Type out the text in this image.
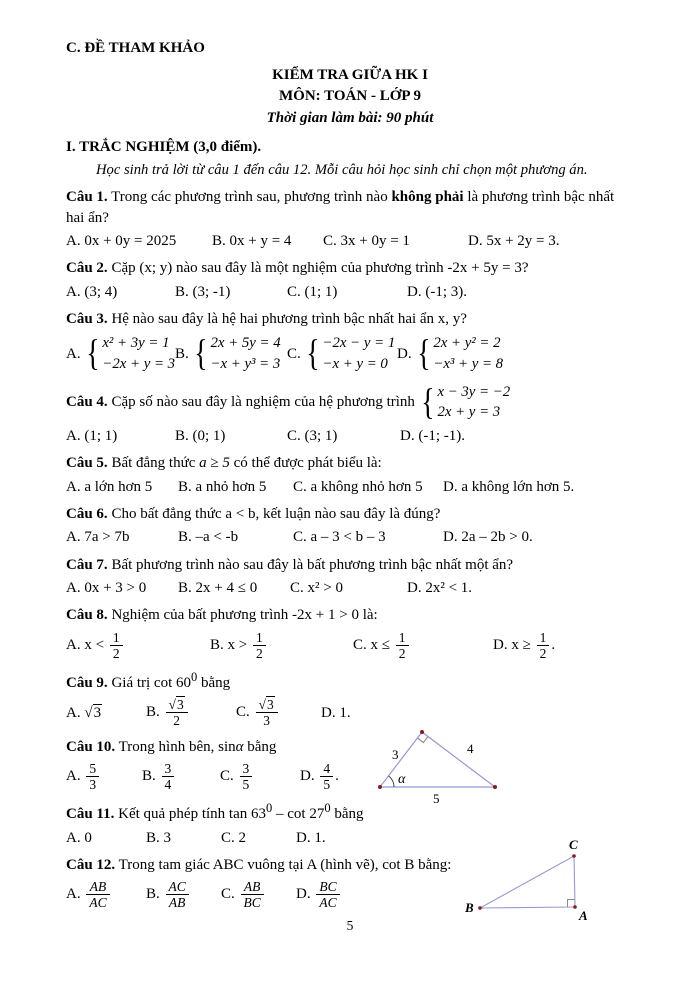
C. ĐỀ THAM KHẢO
KIỂM TRA GIỮA HK I
MÔN: TOÁN - LỚP 9
Thời gian làm bài: 90 phút
I. TRẮC NGHIỆM (3,0 điểm).
Học sinh trả lời từ câu 1 đến câu 12. Mỗi câu hỏi học sinh chỉ chọn một phương án.

Câu 1. Trong các phương trình sau, phương trình nào không phải là phương trình bậc nhất hai ẩn?

A. 0x + 0y = 2025	B. 0x + y = 4	C. 3x + 0y = 1	D. 5x + 2y = 3.

Câu 2. Cặp (x; y) nào sau đây là một nghiệm của phương trình -2x + 5y = 3?

A. (3; 4)	B. (3; -1)	C. (1; 1)	D. (-1; 3).

Câu 3. Hệ nào sau đây là hệ hai phương trình bậc nhất hai ẩn x, y?

A. { x² + 3y = 1
−2x + y = 3
B. { 2x + 5y = 4
−x + y³ = 3
C. { −2x − y = 1
−x + y = 0
D. { 2x + y² = 2
−x³ + y = 8

Câu 4. Cặp số nào sau đây là nghiệm của hệ phương trình { x − 3y = −2
2x + y = 3

A. (1; 1)	B. (0; 1)	C. (3; 1)	D. (-1; -1).

Câu 5. Bất đẳng thức a ≥ 5 có thể được phát biểu là:

A. a lớn hơn 5	B. a nhỏ hơn 5	C. a không nhỏ hơn 5	D. a không lớn hơn 5.

Câu 6. Cho bất đẳng thức a < b, kết luận nào sau đây là đúng?

A. 7a > 7b	B. –a < -b	C. a – 3 < b – 3	D. 2a – 2b > 0.

Câu 7. Bất phương trình nào sau đây là bất phương trình bậc nhất một ẩn?

A. 0x + 3 > 0	B. 2x + 4 ≤ 0	C. x² > 0	D. 2x² < 1.

Câu 8. Nghiệm của bất phương trình -2x + 1 > 0 là:

A. $x < \frac{1}{2}$	B. $x > \frac{1}{2}$	C. $x \le \frac{1}{2}$	D. $x \ge \frac{1}{2}$ .

Câu 9. Giá trị $\cot 60^0$ bằng

A. √3	B. $\frac{√3}{2}$	C. $\frac{√3}{3}$	D. 1.

Câu 10. Trong hình bên, sinα bằng

A. $\frac{5}{3}$	B. $\frac{3}{4}$	C. $\frac{3}{5}$	D. $\frac{4}{5}$ .
3	4
5
α

Câu 11. Kết quả phép tính $\tan 63^0$ – $\cot 27^0$ bằng

A. 0	B. 3	C. 2	D. 1.

Câu 12. Trong tam giác ABC vuông tại A (hình vẽ), cot B bằng:

A. $\frac{AB}{AC} B$. $\frac{AC}{AB} C$. $\frac{AB}{BC} D$. $\frac{BC}{AC}$	B
A
C
5
